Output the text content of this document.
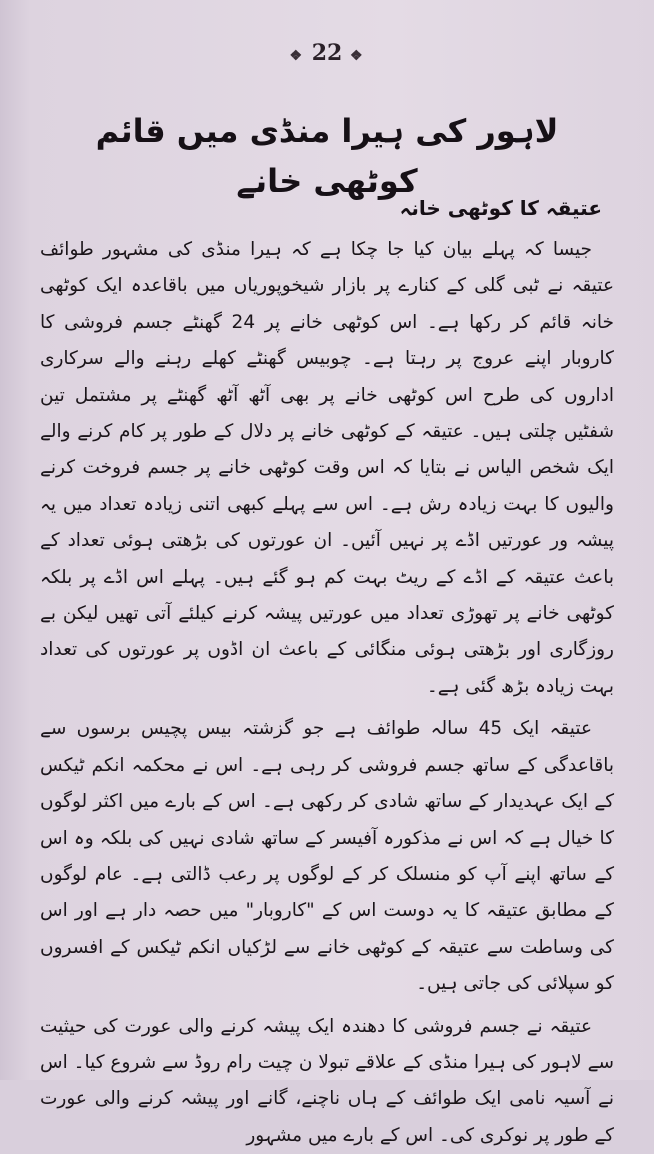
❖ 22 ❖
لاہور کی ہیرا منڈی میں قائم کوٹھی خانے
عتیقہ کا کوٹھی خانہ

جیسا کہ پہلے بیان کیا جا چکا ہے کہ ہیرا منڈی کی مشہور طوائف عتیقہ نے ٹبی گلی کے کنارے پر بازار شیخوپوریاں میں باقاعدہ ایک کوٹھی خانہ قائم کر رکھا ہے۔ اس کوٹھی خانے پر 24 گھنٹے جسم فروشی کا کاروبار اپنے عروج پر رہتا ہے۔ چوبیس گھنٹے کھلے رہنے والے سرکاری اداروں کی طرح اس کوٹھی خانے پر بھی آٹھ آٹھ گھنٹے پر مشتمل تین شفٹیں چلتی ہیں۔ عتیقہ کے کوٹھی خانے پر دلال کے طور پر کام کرنے والے ایک شخص الیاس نے بتایا کہ اس وقت کوٹھی خانے پر جسم فروخت کرنے والیوں کا بہت زیادہ رش ہے۔ اس سے پہلے کبھی اتنی زیادہ تعداد میں یہ پیشہ ور عورتیں اڈے پر نہیں آئیں۔ ان عورتوں کی بڑھتی ہوئی تعداد کے باعث عتیقہ کے اڈے کے ریٹ بہت کم ہو گئے ہیں۔ پہلے اس اڈے پر بلکہ کوٹھی خانے پر تھوڑی تعداد میں عورتیں پیشہ کرنے کیلئے آتی تھیں لیکن بے روزگاری اور بڑھتی ہوئی منگائی کے باعث ان اڈوں پر عورتوں کی تعداد بہت زیادہ بڑھ گئی ہے۔

عتیقہ ایک 45 سالہ طوائف ہے جو گزشتہ بیس پچیس برسوں سے باقاعدگی کے ساتھ جسم فروشی کر رہی ہے۔ اس نے محکمہ انکم ٹیکس کے ایک عہدیدار کے ساتھ شادی کر رکھی ہے۔ اس کے بارے میں اکثر لوگوں کا خیال ہے کہ اس نے مذکورہ آفیسر کے ساتھ شادی نہیں کی بلکہ وہ اس کے ساتھ اپنے آپ کو منسلک کر کے لوگوں پر رعب ڈالتی ہے۔ عام لوگوں کے مطابق عتیقہ کا یہ دوست اس کے "کاروبار" میں حصہ دار ہے اور اس کی وساطت سے عتیقہ کے کوٹھی خانے سے لڑکیاں انکم ٹیکس کے افسروں کو سپلائی کی جاتی ہیں۔

عتیقہ نے جسم فروشی کا دھندہ ایک پیشہ کرنے والی عورت کی حیثیت سے لاہور کی ہیرا منڈی کے علاقے تبولا ن چیت رام روڈ سے شروع کیا۔ اس نے آسیہ نامی ایک طوائف کے ہاں ناچنے، گانے اور پیشہ کرنے والی عورت کے طور پر نوکری کی۔ اس کے بارے میں مشہور
